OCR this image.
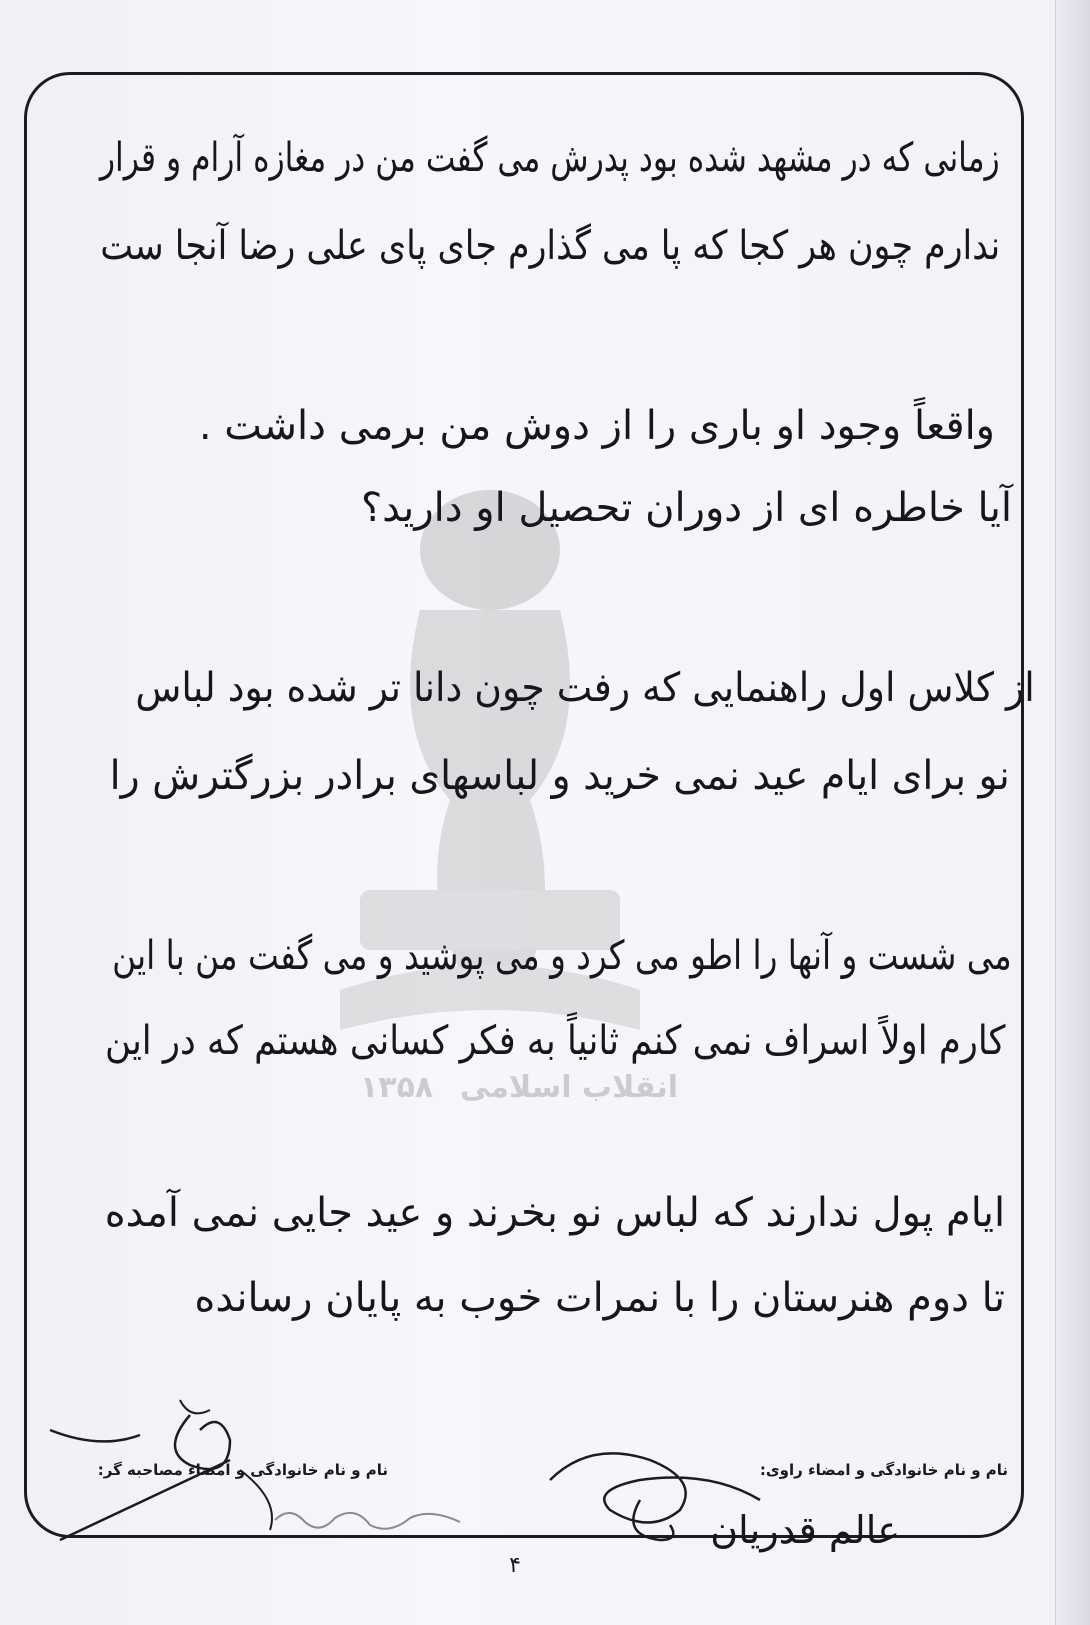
۱۳۵۸ انقلاب اسلامی
زمانی که در مشهد شده بود پدرش می گفت من در مغازه آرام و قرار
ندارم چون هر کجا که پا می گذارم جای پای علی رضا آنجا ست
واقعاً وجود او باری را از دوش من برمی داشت .
آیا خاطره ای از دوران تحصیل او دارید؟
از کلاس اول راهنمایی که رفت چون دانا تر شده بود لباس
نو برای ایام عید نمی خرید و لباسهای برادر بزرگترش را
می شست و آنها را اطو می کرد و می پوشید و می گفت من با این
کارم اولاً اسراف نمی کنم ثانیاً به فکر کسانی هستم که در این
ایام پول ندارند که لباس نو بخرند و عید جایی نمی آمده
تا دوم هنرستان را با نمرات خوب به پایان رسانده
نام و نام خانوادگی و امضاء راوی:
نام و نام خانوادگی و امضاء مصاحبه گر:
عالم قدریان
۴
